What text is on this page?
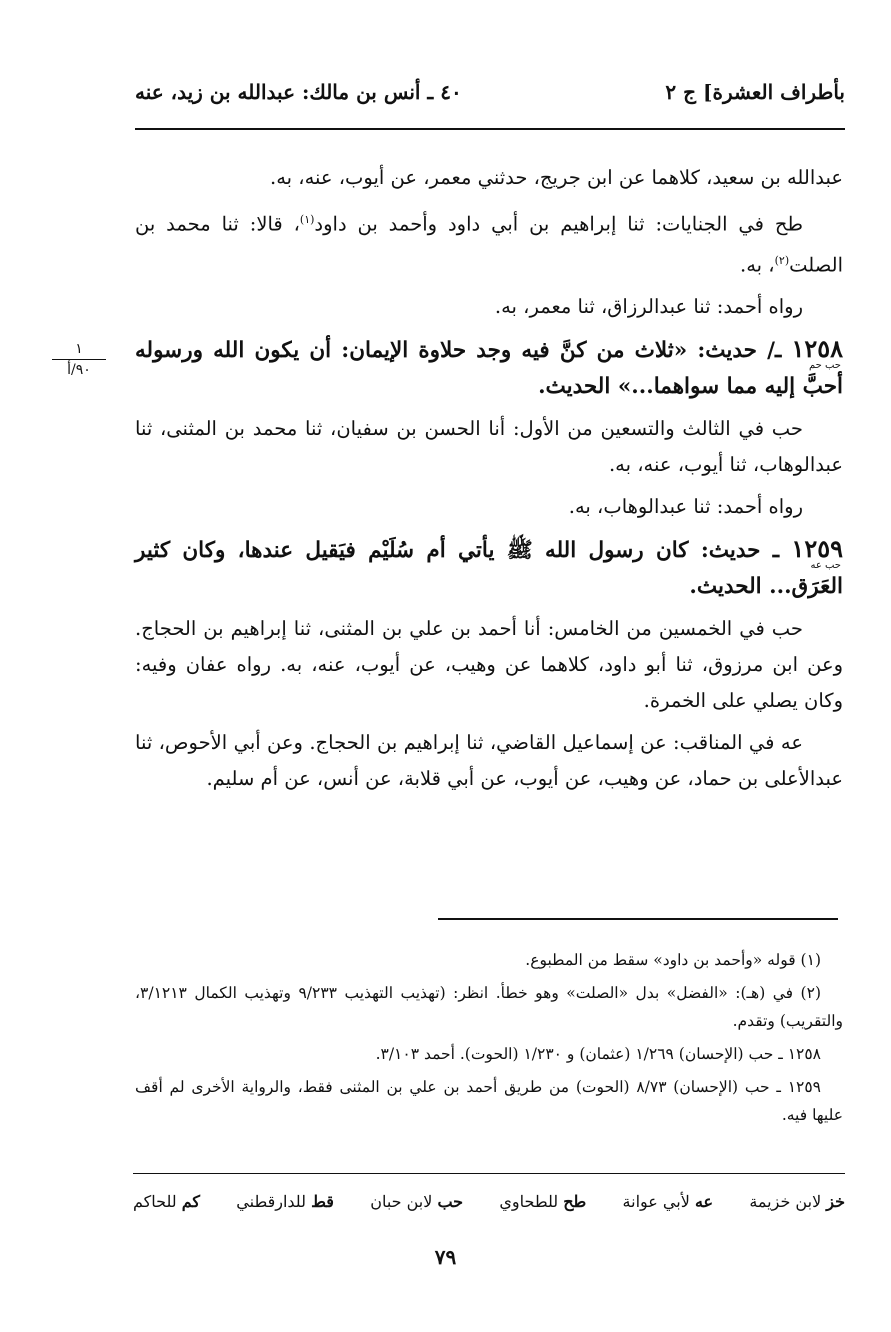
بأطراف العشرة] ج ٢
٤٠ ـ أنس بن مالك: عبدالله بن زيد، عنه
١
٩٠/أ

عبدالله بن سعيد، كلاهما عن ابن جريج، حدثني معمر، عن أيوب، عنه، به.

طح في الجنايات: ثنا إبراهيم بن أبي داود وأحمد بن داود$^{(١)}$، قالا: ثنا محمد بن الصلت$^{(٢)}$، به.

رواه أحمد: ثنا عبدالرزاق، ثنا معمر، به.

١٢٥٨ ـ/ حديث: «ثلاث من كنَّ فيه وجد حلاوة الإيمان: أن يكون الله ورسوله أحبَّ إليه مما سواهما...» الحديث.
حب حم

حب في الثالث والتسعين من الأول: أنا الحسن بن سفيان، ثنا محمد بن المثنى، ثنا عبدالوهاب، ثنا أيوب، عنه، به.

رواه أحمد: ثنا عبدالوهاب، به.

١٢٥٩ ـ حديث: كان رسول الله ﷺ يأتي أم سُلَيْم فيَقيل عندها، وكان كثير العَرَق... الحديث.
حب عه

حب في الخمسين من الخامس: أنا أحمد بن علي بن المثنى، ثنا إبراهيم بن الحجاج. وعن ابن مرزوق، ثنا أبو داود، كلاهما عن وهيب، عن أيوب، عنه، به. رواه عفان وفيه: وكان يصلي على الخمرة.

عه في المناقب: عن إسماعيل القاضي، ثنا إبراهيم بن الحجاج. وعن أبي الأحوص، ثنا عبدالأعلى بن حماد، عن وهيب، عن أيوب، عن أبي قلابة، عن أنس، عن أم سليم.

(١) قوله «وأحمد بن داود» سقط من المطبوع.

(٢) في (هـ): «الفضل» بدل «الصلت» وهو خطأ. انظر: (تهذيب التهذيب ٩/٢٣٣ وتهذيب الكمال ٣/١٢١٣، والتقريب) وتقدم.

١٢٥٨ ـ حب (الإحسان) ١/٢٦٩ (عثمان) و ١/٢٣٠ (الحوت). أحمد ٣/١٠٣.

١٢٥٩ ـ حب (الإحسان) ٨/٧٣ (الحوت) من طريق أحمد بن علي بن المثنى فقط، والرواية الأخرى لم أقف عليها فيه.

خز لابن خزيمة
عه لأبي عوانة
طح للطحاوي
حب لابن حبان
قط للدارقطني
كم للحاكم
٧٩
